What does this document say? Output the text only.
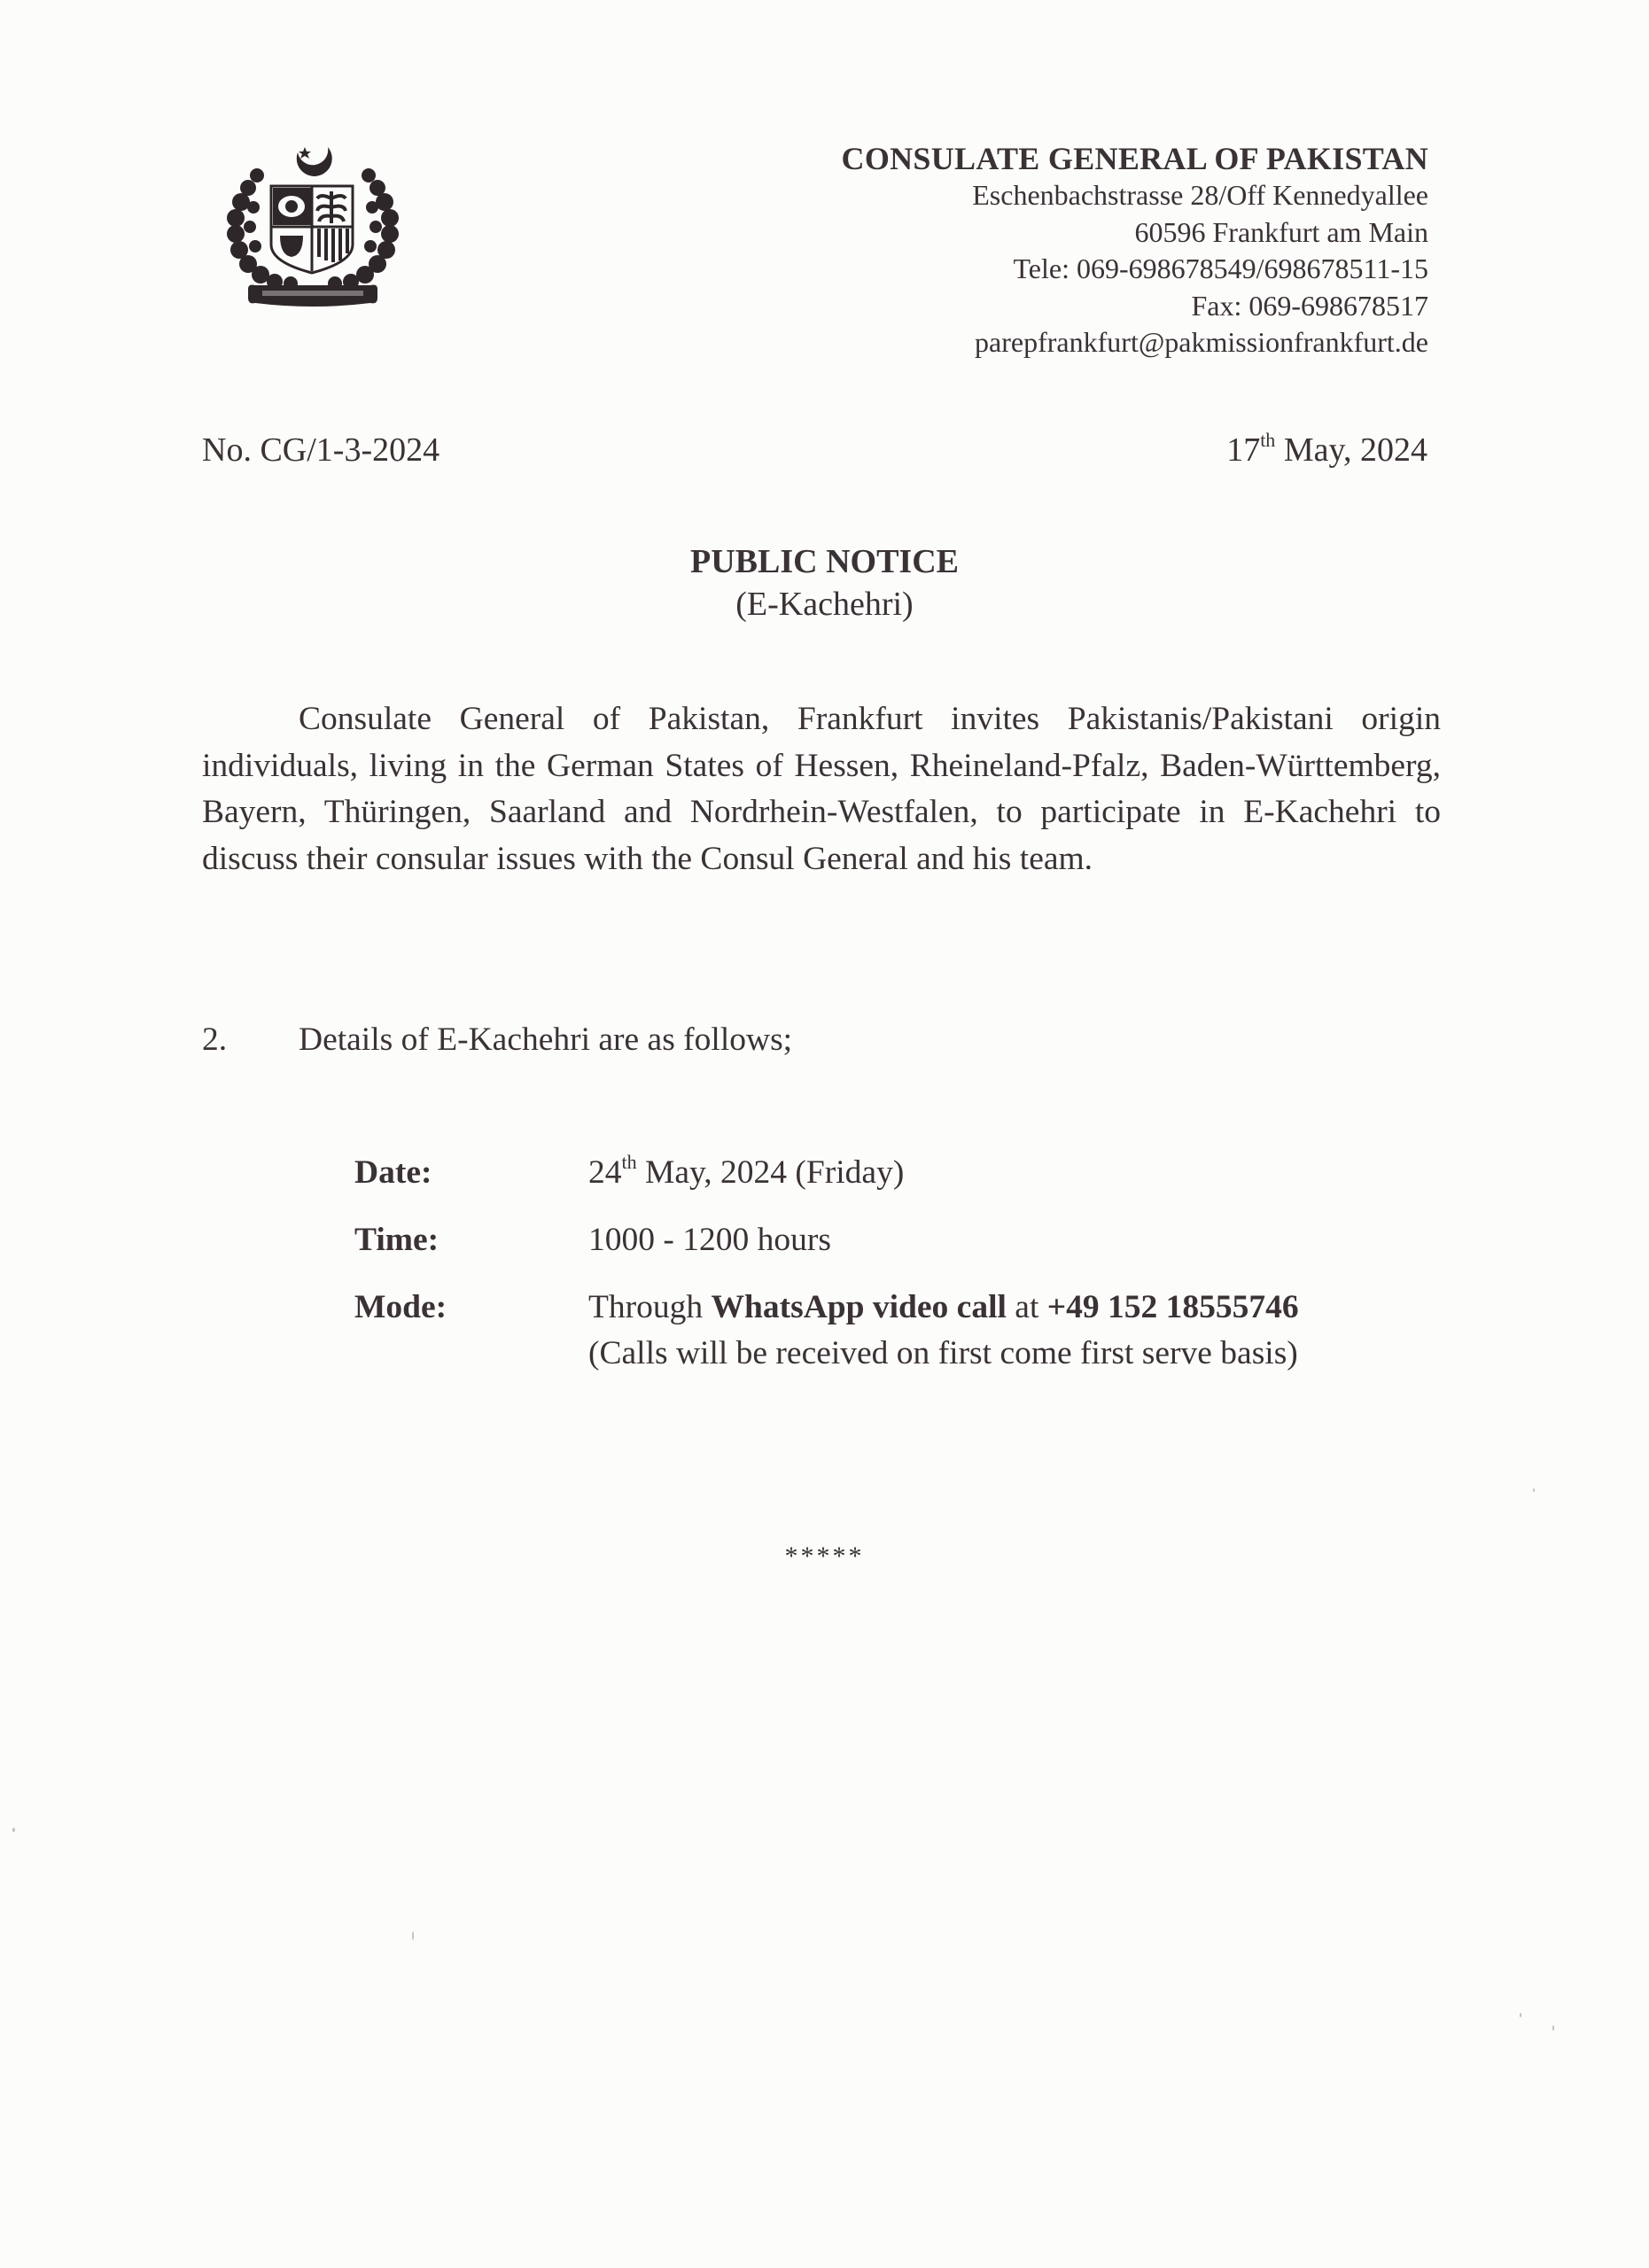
CONSULATE GENERAL OF PAKISTAN
Eschenbachstrasse 28/Off Kennedyallee
60596 Frankfurt am Main
Tele: 069-698678549/698678511-15
Fax: 069-698678517
parepfrankfurt@pakmissionfrankfurt.de
No. CG/1-3-2024	17th May, 2024
PUBLIC NOTICE
(E-Kachehri)
Consulate General of Pakistan, Frankfurt invites Pakistanis/Pakistani origin individuals, living in the German States of Hessen, Rheineland-Pfalz, Baden-Württemberg, Bayern, Thüringen, Saarland and Nordrhein-Westfalen, to participate in E-Kachehri to discuss their consular issues with the Consul General and his team.
2. Details of E-Kachehri are as follows;
Date:	24th May, 2024 (Friday)
Time:	1000 - 1200 hours
Mode:	Through WhatsApp video call at +49 152 18555746
(Calls will be received on first come first serve basis)
*****
